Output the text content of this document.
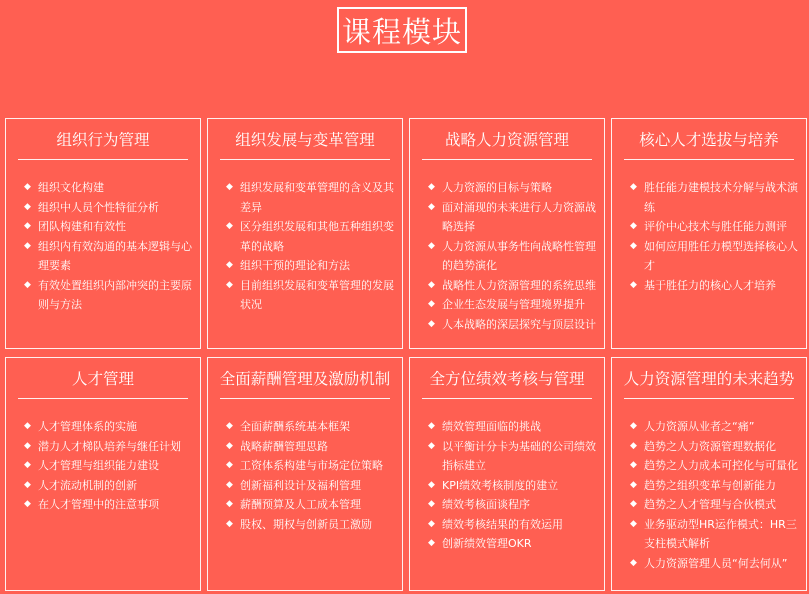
课程模块
组织行为管理
◆ 组织文化构建
◆ 组织中人员个性特征分析
◆ 团队构建和有效性
◆ 组织内有效沟通的基本逻辑与心理要素
◆ 有效处置组织内部冲突的主要原则与方法
组织发展与变革管理
◆ 组织发展和变革管理的含义及其差异
◆ 区分组织发展和其他五种组织变革的战略
◆ 组织干预的理论和方法
◆ 目前组织发展和变革管理的发展状况
战略人力资源管理
◆ 人力资源的目标与策略
◆ 面对涌现的未来进行人力资源战略选择
◆ 人力资源从事务性向战略性管理的趋势演化
◆ 战略性人力资源管理的系统思维
◆ 企业生态发展与管理境界提升
◆ 人本战略的深层探究与顶层设计
核心人才选拔与培养
◆ 胜任能力建模技术分解与战术演练
◆ 评价中心技术与胜任能力测评
◆ 如何应用胜任力模型选择核心人才
◆ 基于胜任力的核心人才培养
人才管理
◆ 人才管理体系的实施
◆ 潜力人才梯队培养与继任计划
◆ 人才管理与组织能力建设
◆ 人才流动机制的创新
◆ 在人才管理中的注意事项
全面薪酬管理及激励机制
◆ 全面薪酬系统基本框架
◆ 战略薪酬管理思路
◆ 工资体系构建与市场定位策略
◆ 创新福利设计及福利管理
◆ 薪酬预算及人工成本管理
◆ 股权、期权与创新员工激励
全方位绩效考核与管理
◆ 绩效管理面临的挑战
◆ 以平衡计分卡为基础的公司绩效指标建立
◆ KPI绩效考核制度的建立
◆ 绩效考核面谈程序
◆ 绩效考核结果的有效运用
◆ 创新绩效管理OKR
人力资源管理的未来趋势
◆ 人力资源从业者之“痛”
◆ 趋势之人力资源管理数据化
◆ 趋势之人力成本可控化与可量化
◆ 趋势之组织变革与创新能力
◆ 趋势之人才管理与合伙模式
◆ 业务驱动型HR运作模式：HR三支柱模式解析
◆ 人力资源管理人员“何去何从”
